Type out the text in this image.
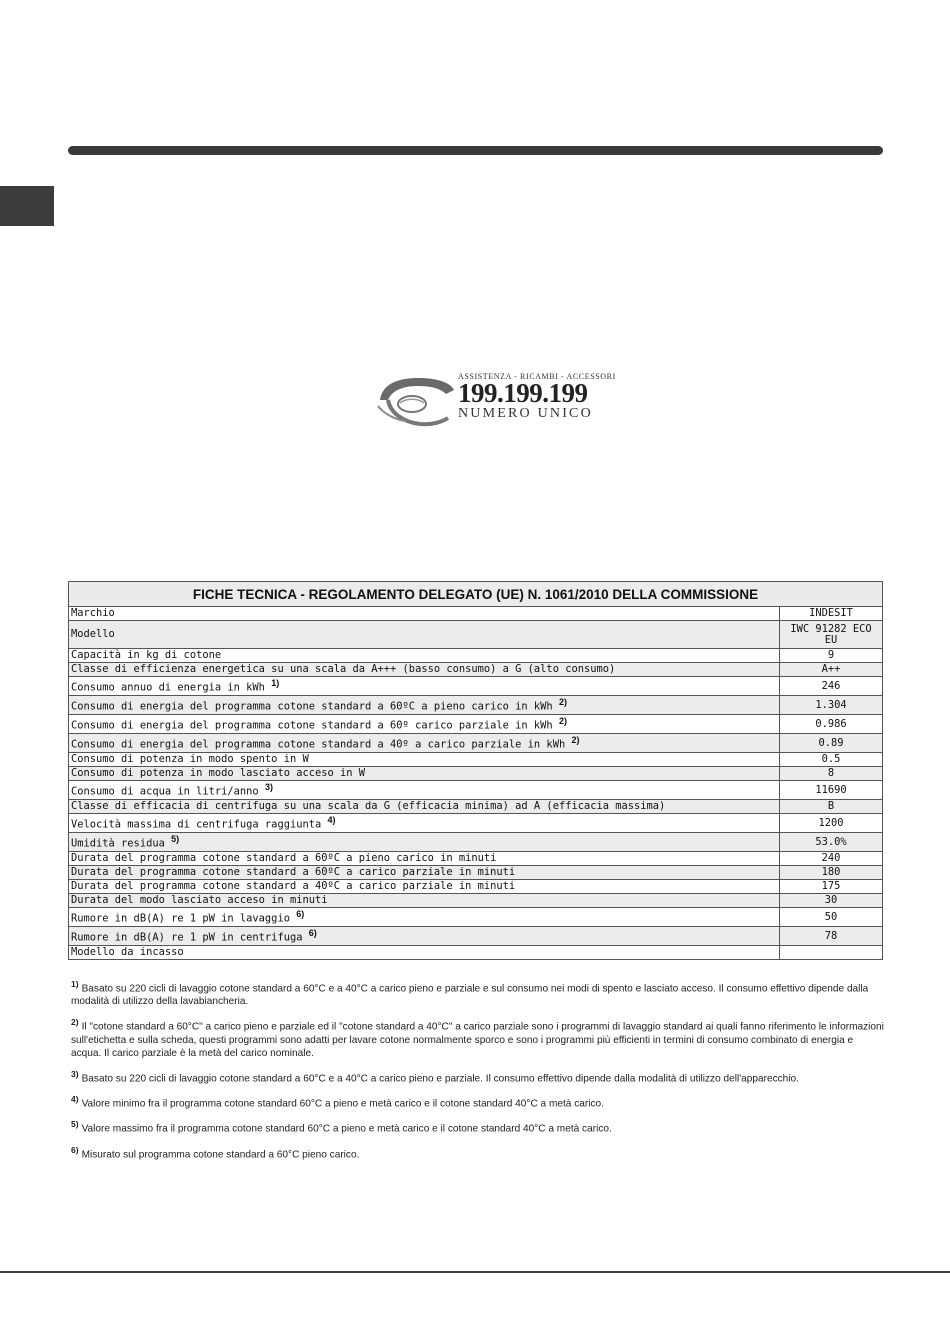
ASSISTENZA - RICAMBI - ACCESSORI
199.199.199
NUMERO UNICO
FICHE TECNICA - REGOLAMENTO DELEGATO (UE) N. 1061/2010 DELLA COMMISSIONE	
Marchio	INDESIT
Modello	IWC 91282 ECO EU
Capacità in kg di cotone	9
Classe di efficienza energetica su una scala da A+++ (basso consumo) a G (alto consumo)	A++
Consumo annuo di energia in kWh $^{1)}$	246
Consumo di energia del programma cotone standard a 60ºC a pieno carico in kWh $^{2)}$	1.304
Consumo di energia del programma cotone standard a 60º carico parziale in kWh $^{2)}$	0.986
Consumo di energia del programma cotone standard a 40º a carico parziale in kWh $^{2)}$	0.89
Consumo di potenza in modo spento in W	0.5
Consumo di potenza in modo lasciato acceso in W	8
Consumo di acqua in litri/anno $^{3)}$	11690
Classe di efficacia di centrifuga su una scala da G (efficacia minima) ad A (efficacia massima)	B
Velocità massima di centrifuga raggiunta $^{4)}$	1200
Umidità residua $^{5)}$	53.0%
Durata del programma cotone standard a 60ºC a pieno carico in minuti	240
Durata del programma cotone standard a 60ºC a carico parziale in minuti	180
Durata del programma cotone standard a 40ºC a carico parziale in minuti	175
Durata del modo lasciato acceso in minuti	30
Rumore in dB(A) re 1 pW in lavaggio $^{6)}$	50
Rumore in dB(A) re 1 pW in centrifuga $^{6)}$	78
Modello da incasso	
$^{1)}$ Basato su 220 cicli di lavaggio cotone standard a 60°C e a 40°C a carico pieno e parziale e sul consumo nei modi di spento e lasciato acceso. Il consumo effettivo dipende dalla modalità di utilizzo della lavabiancheria.
$^{2)}$ Il "cotone standard a 60°C" a carico pieno e parziale ed il "cotone standard a 40°C" a carico parziale sono i programmi di lavaggio standard ai quali fanno riferimento le informazioni sull'etichetta e sulla scheda, questi programmi sono adatti per lavare cotone normalmente sporco e sono i programmi più efficienti in termini di consumo combinato di energia e acqua. Il carico parziale è la metà del carico nominale.
$^{3)}$ Basato su 220 cicli di lavaggio cotone standard a 60°C e a 40°C a carico pieno e parziale. Il consumo effettivo dipende dalla modalità di utilizzo dell'apparecchio.
$^{4)}$ Valore minimo fra il programma cotone standard 60°C a pieno e metà carico e il cotone standard 40°C a metà carico.
$^{5)}$ Valore massimo fra il programma cotone standard 60°C a pieno e metà carico e il cotone standard 40°C a metà carico.
$^{6)}$ Misurato sul programma cotone standard a 60°C pieno carico.
